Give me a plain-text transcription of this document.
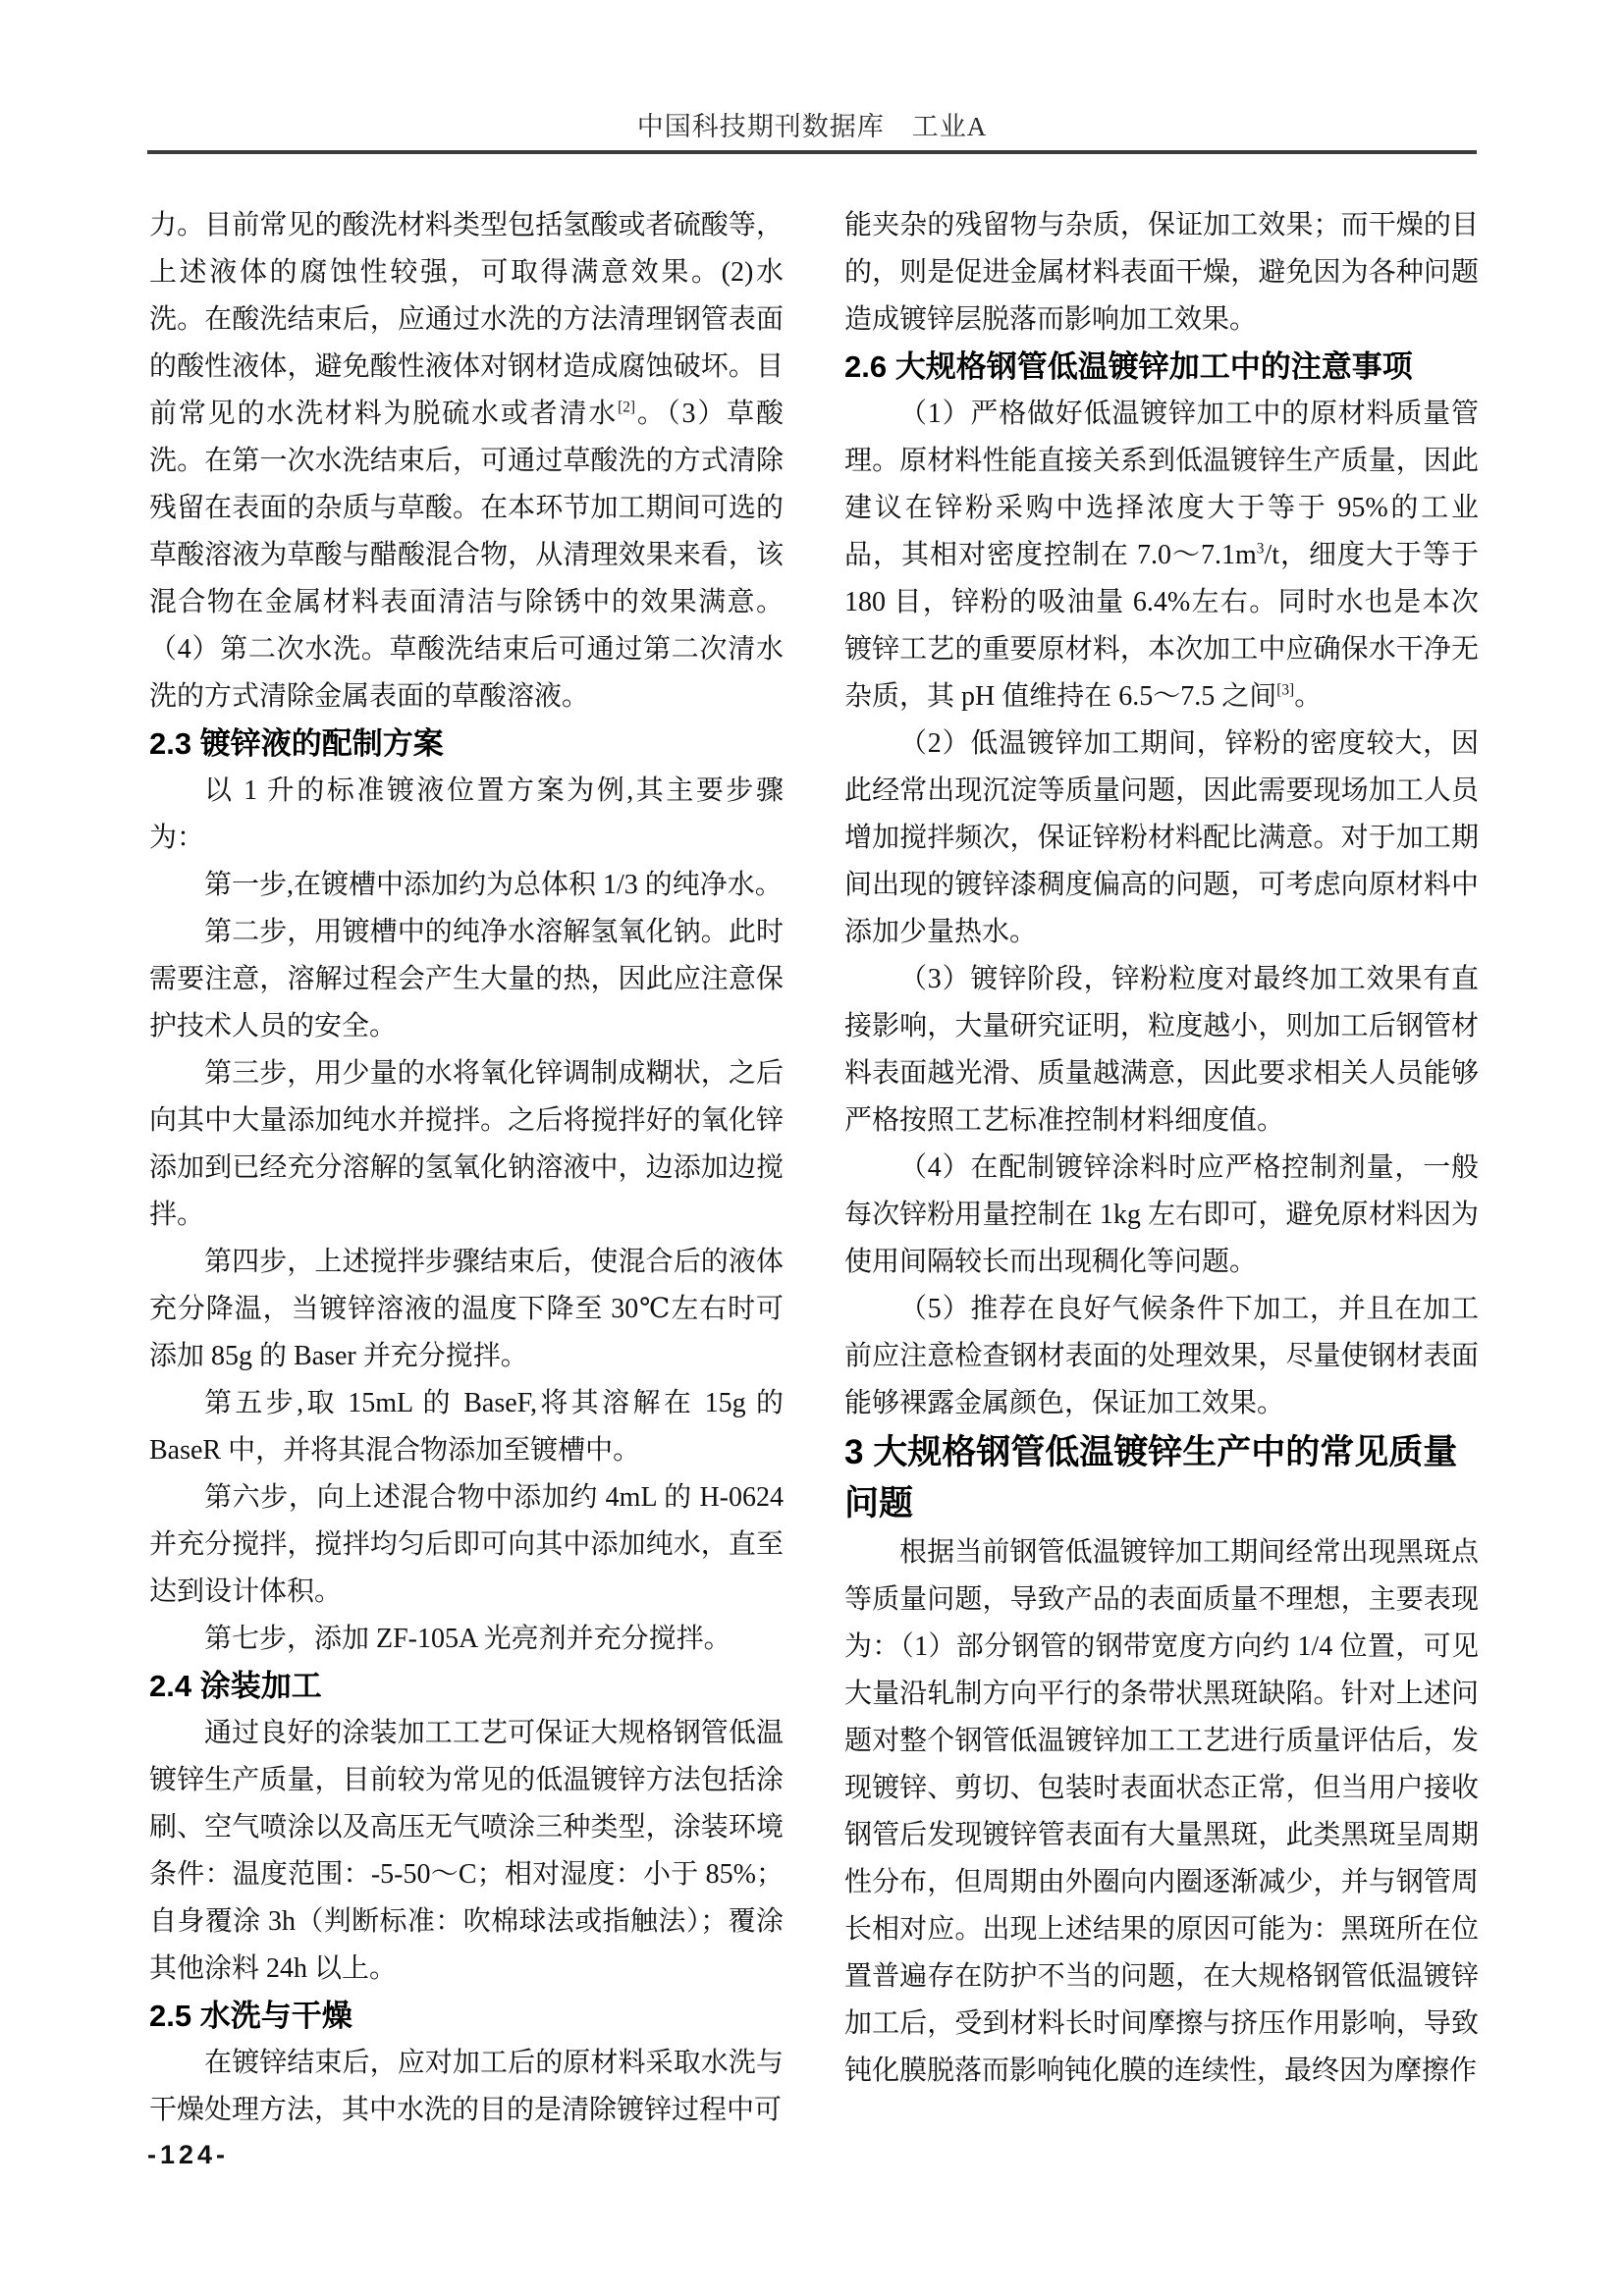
中国科技期刊数据库　工业A

力。目前常见的酸洗材料类型包括氢酸或者硫酸等，上述液体的腐蚀性较强，可取得满意效果。(2)水洗。在酸洗结束后，应通过水洗的方法清理钢管表面的酸性液体，避免酸性液体对钢材造成腐蚀破坏。目前常见的水洗材料为脱硫水或者清水[2]。（3）草酸洗。在第一次水洗结束后，可通过草酸洗的方式清除残留在表面的杂质与草酸。在本环节加工期间可选的草酸溶液为草酸与醋酸混合物，从清理效果来看，该混合物在金属材料表面清洁与除锈中的效果满意。（4）第二次水洗。草酸洗结束后可通过第二次清水洗的方式清除金属表面的草酸溶液。

2.3 镀锌液的配制方案

以 1 升的标准镀液位置方案为例,其主要步骤为：

第一步,在镀槽中添加约为总体积 1/3 的纯净水。

第二步，用镀槽中的纯净水溶解氢氧化钠。此时需要注意，溶解过程会产生大量的热，因此应注意保护技术人员的安全。

第三步，用少量的水将氧化锌调制成糊状，之后向其中大量添加纯水并搅拌。之后将搅拌好的氧化锌添加到已经充分溶解的氢氧化钠溶液中，边添加边搅拌。

第四步，上述搅拌步骤结束后，使混合后的液体充分降温，当镀锌溶液的温度下降至 30℃左右时可添加 85g 的 Baser 并充分搅拌。

第五步,取 15mL 的 BaseF,将其溶解在 15g 的 BaseR 中，并将其混合物添加至镀槽中。

第六步，向上述混合物中添加约 4mL 的 H-0624 并充分搅拌，搅拌均匀后即可向其中添加纯水，直至达到设计体积。

第七步，添加 ZF-105A 光亮剂并充分搅拌。

2.4 涂装加工

通过良好的涂装加工工艺可保证大规格钢管低温镀锌生产质量，目前较为常见的低温镀锌方法包括涂刷、空气喷涂以及高压无气喷涂三种类型，涂装环境条件：温度范围：-5-50～C；相对湿度：小于 85%；自身覆涂 3h（判断标准：吹棉球法或指触法）；覆涂其他涂料 24h 以上。

2.5 水洗与干燥

在镀锌结束后，应对加工后的原材料采取水洗与干燥处理方法，其中水洗的目的是清除镀锌过程中可

能夹杂的残留物与杂质，保证加工效果；而干燥的目的，则是促进金属材料表面干燥，避免因为各种问题造成镀锌层脱落而影响加工效果。

2.6 大规格钢管低温镀锌加工中的注意事项

（1）严格做好低温镀锌加工中的原材料质量管理。原材料性能直接关系到低温镀锌生产质量，因此建议在锌粉采购中选择浓度大于等于 95%的工业品，其相对密度控制在 $7.0\sim 7.1m^3/t$，细度大于等于 180 目，锌粉的吸油量 6.4%左右。同时水也是本次镀锌工艺的重要原材料，本次加工中应确保水干净无杂质，其 pH 值维持在 6.5～7.5 之间[3]。

（2）低温镀锌加工期间，锌粉的密度较大，因此经常出现沉淀等质量问题，因此需要现场加工人员增加搅拌频次，保证锌粉材料配比满意。对于加工期间出现的镀锌漆稠度偏高的问题，可考虑向原材料中添加少量热水。

（3）镀锌阶段，锌粉粒度对最终加工效果有直接影响，大量研究证明，粒度越小，则加工后钢管材料表面越光滑、质量越满意，因此要求相关人员能够严格按照工艺标准控制材料细度值。

（4）在配制镀锌涂料时应严格控制剂量，一般每次锌粉用量控制在 1kg 左右即可，避免原材料因为使用间隔较长而出现稠化等问题。

（5）推荐在良好气候条件下加工，并且在加工前应注意检查钢材表面的处理效果，尽量使钢材表面能够裸露金属颜色，保证加工效果。

3 大规格钢管低温镀锌生产中的常见质量问题

根据当前钢管低温镀锌加工期间经常出现黑斑点等质量问题，导致产品的表面质量不理想，主要表现为：（1）部分钢管的钢带宽度方向约 1/4 位置，可见大量沿轧制方向平行的条带状黑斑缺陷。针对上述问题对整个钢管低温镀锌加工工艺进行质量评估后，发现镀锌、剪切、包装时表面状态正常，但当用户接收钢管后发现镀锌管表面有大量黑斑，此类黑斑呈周期性分布，但周期由外圈向内圈逐渐减少，并与钢管周长相对应。出现上述结果的原因可能为：黑斑所在位置普遍存在防护不当的问题，在大规格钢管低温镀锌加工后，受到材料长时间摩擦与挤压作用影响，导致钝化膜脱落而影响钝化膜的连续性，最终因为摩擦作

-124-
